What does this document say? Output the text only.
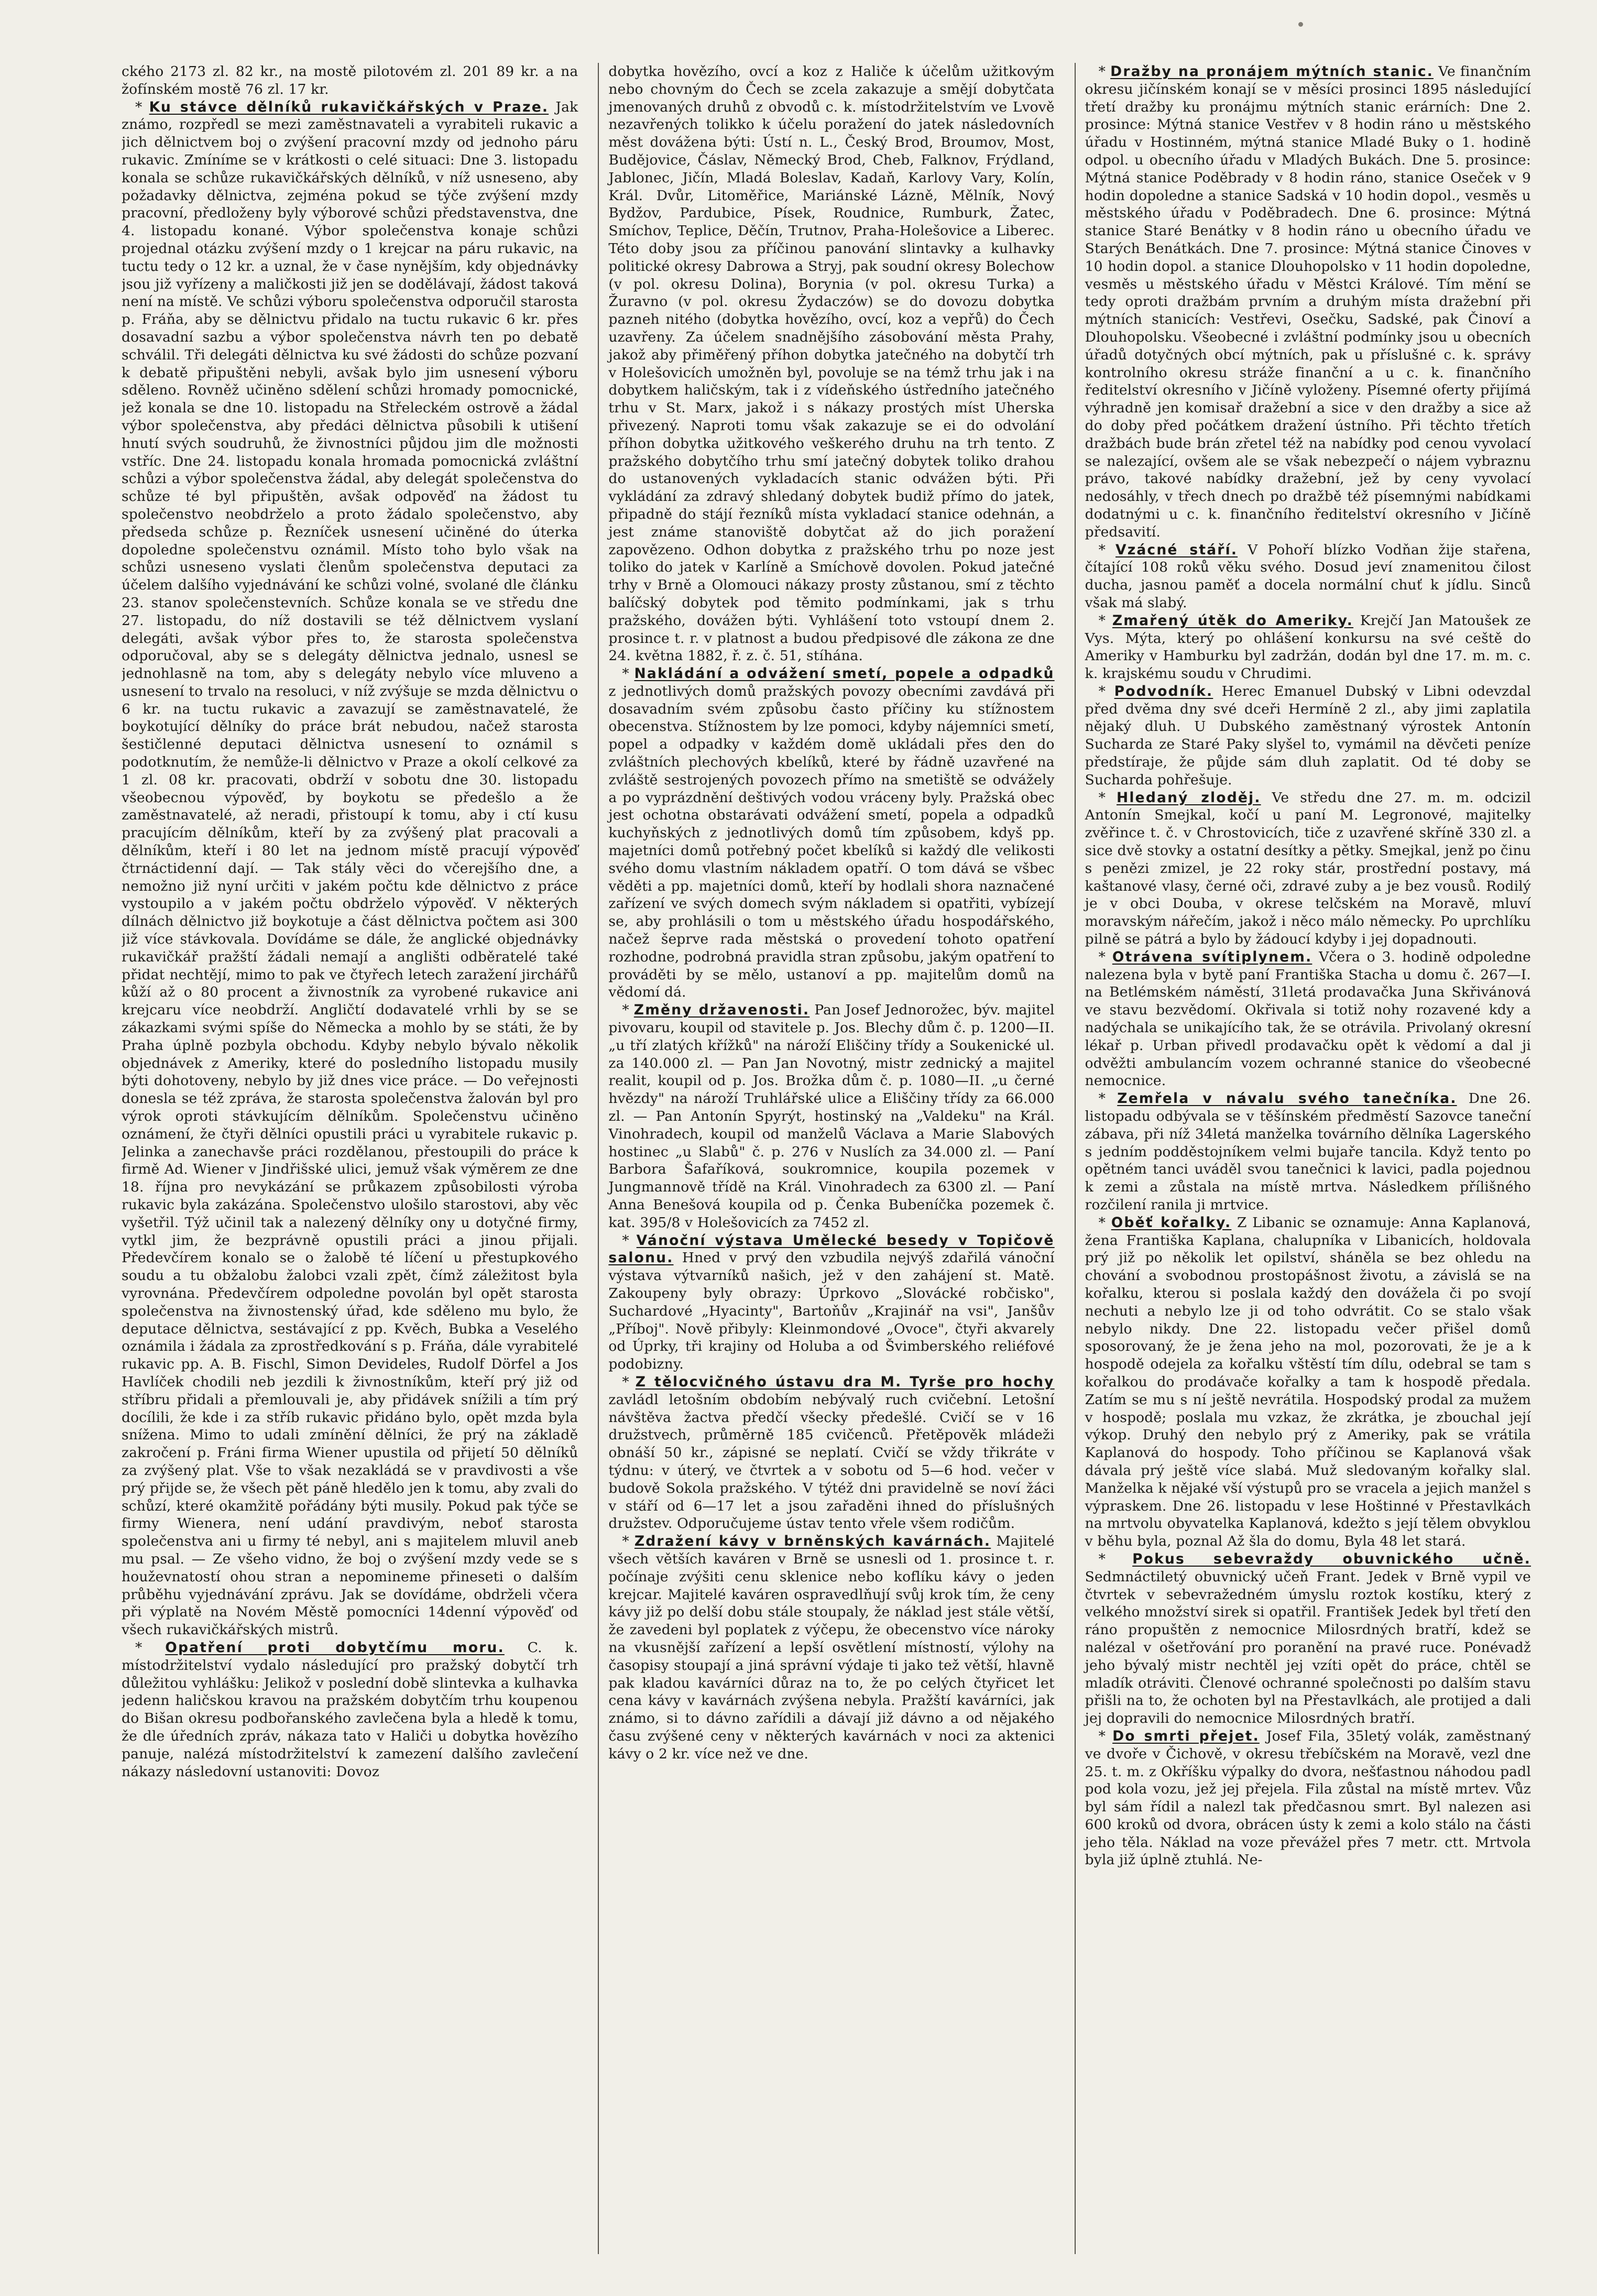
ckého 2173 zl. 82 kr., na mostě pilotovém zl. 201 89 kr. a na žofínském mostě 76 zl. 17 kr.

* Ku stávce dělníků rukavičkářských v Praze. Jak známo, rozpředl se mezi zaměstnavateli a vyrabiteli rukavic a jich dělnictvem boj o zvýšení pracovní mzdy od jednoho páru rukavic. Zmíníme se v krátkosti o celé situaci: Dne 3. listopadu konala se schůze rukavičkářských dělníků, v níž usneseno, aby požadavky dělnictva, zejména pokud se týče zvýšení mzdy pracovní, předloženy byly výborové schůzi představenstva, dne 4. listopadu konané. Výbor společenstva konaje schůzi projednal otázku zvýšení mzdy o 1 krejcar na páru rukavic, na tuctu tedy o 12 kr. a uznal, že v čase nynějším, kdy objednávky jsou již vyřízeny a maličkosti již jen se dodělávají, žádost taková není na místě. Ve schůzi výboru společenstva odporučil starosta p. Fráňa, aby se dělnictvu přidalo na tuctu rukavic 6 kr. přes dosavadní sazbu a výbor společenstva návrh ten po debatě schválil. Tři delegáti dělnictva ku své žádosti do schůze pozvaní k debatě připuštěni nebyli, avšak bylo jim usnesení výboru sděleno. Rovněž učiněno sdělení schůzi hromady pomocnické, jež konala se dne 10. listopadu na Střeleckém ostrově a žádal výbor společenstva, aby předáci dělnictva působili k utišení hnutí svých soudruhů, že živnostníci půjdou jim dle možnosti vstříc. Dne 24. listopadu konala hromada pomocnická zvláštní schůzi a výbor společenstva žádal, aby delegát společenstva do schůze té byl připuštěn, avšak odpověď na žádost tu společenstvo neobdrželo a proto žádalo společenstvo, aby předseda schůze p. Řezníček usnesení učiněné do úterka dopoledne společenstvu oznámil. Místo toho bylo však na schůzi usneseno vyslati členům společenstva deputaci za účelem dalšího vyjednávání ke schůzi volné, svolané dle článku 23. stanov společenstevních. Schůze konala se ve středu dne 27. listopadu, do níž dostavili se též dělnictvem vyslaní delegáti, avšak výbor přes to, že starosta společenstva odporučoval, aby se s delegáty dělnictva jednalo, usnesl se jednohlasně na tom, aby s delegáty nebylo více mluveno a usnesení to trvalo na resoluci, v níž zvýšuje se mzda dělnictvu o 6 kr. na tuctu rukavic a zavazují se zaměstnavatelé, že boykotující dělníky do práce brát nebudou, načež starosta šestičlenné deputaci dělnictva usnesení to oznámil s podotknutím, že nemůže-li dělnictvo v Praze a okolí celkové za 1 zl. 08 kr. pracovati, obdrží v sobotu dne 30. listopadu všeobecnou výpověď, by boykotu se předešlo a že zaměstnavatelé, až neradi, přistoupí k tomu, aby i ctí kusu pracujícím dělníkům, kteří by za zvýšený plat pracovali a dělníkům, kteří i 80 let na jednom místě pracují výpověď čtrnáctidenní dají. — Tak stály věci do včerejšího dne, a nemožno již nyní určiti v jakém počtu kde dělnictvo z práce vystoupilo a v jakém počtu obdrželo výpověď. V některých dílnách dělnictvo již boykotuje a část dělnictva počtem asi 300 již více stávkovala. Dovídáme se dále, že anglické objednávky rukavičkář pražští žádali nemají a anglišti odběratelé také přidat nechtějí, mimo to pak ve čtyřech letech zaražení jirchářů kůží až o 80 procent a živnostník za vyrobené rukavice ani krejcaru více neobdrží. Angličtí dodavatelé vrhli by se se zákazkami svými spíše do Německa a mohlo by se státi, že by Praha úplně pozbyla obchodu. Kdyby nebylo bývalo několik objednávek z Ameriky, které do posledního listopadu musily býti dohotoveny, nebylo by již dnes vice práce. — Do veřejnosti donesla se též zpráva, že starosta společenstva žalován byl pro výrok oproti stávkujícím dělníkům. Společenstvu učiněno oznámení, že čtyři dělníci opustili práci u vyrabitele rukavic p. Jelinka a zanechavše práci rozdělanou, přestoupili do práce k firmě Ad. Wiener v Jindřišské ulici, jemuž však výměrem ze dne 18. října pro nevykázání se průkazem způsobilosti výroba rukavic byla zakázána. Společenstvo ulošilo starostovi, aby věc vyšetřil. Týž učinil tak a nalezený dělníky ony u dotyčné firmy, vytkl jim, že bezprávně opustili práci a jinou přijali. Předevčírem konalo se o žalobě té líčení u přestupkového soudu a tu obžalobu žalobci vzali zpět, čímž záležitost byla vyrovnána. Předevčírem odpoledne povolán byl opět starosta společenstva na živnostenský úřad, kde sděleno mu bylo, že deputace dělnictva, sestávající z pp. Kvěch, Bubka a Veselého oznámila i žádala za zprostředkování s p. Fráňa, dále vyrabitelé rukavic pp. A. B. Fischl, Simon Devideles, Rudolf Dörfel a Jos Havlíček chodili neb jezdili k živnostníkům, kteří prý již od stříbru přidali a přemlouvali je, aby přidávek snížili a tím prý docílili, že kde i za stříb rukavic přidáno bylo, opět mzda byla snížena. Mimo to udali zmínění dělníci, že prý na základě zakročení p. Fráni firma Wiener upustila od přijetí 50 dělníků za zvýšený plat. Vše to však nezakládá se v pravdivosti a vše prý přijde se, že všech pět páně hledělo jen k tomu, aby zvali do schůzí, které okamžitě pořádány býti musily. Pokud pak týče se firmy Wienera, není udání pravdivým, neboť starosta společenstva ani u firmy té nebyl, ani s majitelem mluvil aneb mu psal. — Ze všeho vidno, že boj o zvýšení mzdy vede se s houževnatostí ohou stran a nepomineme přineseti o dalším průběhu vyjednávání zprávu. Jak se dovídáme, obdrželi včera při výplatě na Novém Městě pomocníci 14denní výpověď od všech rukavičkářských mistrů.

* Opatření proti dobytčímu moru. C. k. místodržitelství vydalo následující pro pražský dobytčí trh důležitou vyhlášku: Jelikož v poslední době slintevka a kulhavka jedenn haličskou kravou na pražském dobytčím trhu koupenou do Bišan okresu podbořanského zavlečena byla a hledě k tomu, že dle úředních zpráv, nákaza tato v Haliči u dobytka hovězího panuje, nalézá místodržitelství k zamezení dalšího zavlečení nákazy následovní ustanoviti: Dovoz

dobytka hovězího, ovcí a koz z Haliče k účelům užitkovým nebo chovným do Čech se zcela zakazuje a smějí dobytčata jmenovaných druhů z obvodů c. k. místodržitelstvím ve Lvově nezavřených tolikko k účelu poražení do jatek následovních měst dovážena býti: Ústí n. L., Český Brod, Broumov, Most, Budějovice, Čáslav, Německý Brod, Cheb, Falknov, Frýdland, Jablonec, Jičín, Mladá Boleslav, Kadaň, Karlovy Vary, Kolín, Král. Dvůr, Litoměřice, Mariánské Lázně, Mělník, Nový Bydžov, Pardubice, Písek, Roudnice, Rumburk, Žatec, Smíchov, Teplice, Děčín, Trutnov, Praha-Holešovice a Liberec. Této doby jsou za příčinou panování slintavky a kulhavky politické okresy Dabrowa a Stryj, pak soudní okresy Bolechow (v pol. okresu Dolina), Borynia (v pol. okresu Turka) a Žuravno (v pol. okresu Żydaczów) se do dovozu dobytka pazneh nitého (dobytka hovězího, ovcí, koz a vepřů) do Čech uzavřeny. Za účelem snadnějšího zásobování města Prahy, jakož aby přiměřený příhon dobytka jatečného na dobytčí trh v Holešovicích umožněn byl, povoluje se na témž trhu jak i na dobytkem haličským, tak i z vídeňského ústředního jatečného trhu v St. Marx, jakož i s nákazy prostých míst Uherska přivezený. Naproti tomu však zakazuje se ei do odvolání příhon dobytka užitkového veškerého druhu na trh tento. Z pražského dobytčího trhu smí jatečný dobytek toliko drahou do ustanovených vykladacích stanic odvážen býti. Při vykládání za zdravý shledaný dobytek budiž přímo do jatek, připadně do stájí řezníků místa vykladací stanice odehnán, a jest známe stanoviště dobytčat až do jich poražení zapovězeno. Odhon dobytka z pražského trhu po noze jest toliko do jatek v Karlíně a Smíchově dovolen. Pokud jatečné trhy v Brně a Olomouci nákazy prosty zůstanou, smí z těchto balíčský dobytek pod těmito podmínkami, jak s trhu pražského, dovážen býti. Vyhlášení toto vstoupí dnem 2. prosince t. r. v platnost a budou předpisové dle zákona ze dne 24. května 1882, ř. z. č. 51, stíhána.

* Nakládání a odvážení smetí, popele a odpadků z jednotlivých domů pražských povozy obecními zavdává při dosavadním svém způsobu často příčiny ku stížnostem obecenstva. Stížnostem by lze pomoci, kdyby nájemníci smetí, popel a odpadky v každém domě ukládali přes den do zvláštních plechových kbelíků, které by řádně uzavřené na zvláště sestrojených povozech přímo na smetiště se odvážely a po vyprázdnění deštivých vodou vráceny byly. Pražská obec jest ochotna obstarávati odvážení smetí, popela a odpadků kuchyňských z jednotlivých domů tím způsobem, kdyš pp. majetníci domů potřebný počet kbelíků si každý dle velikosti svého domu vlastním nákladem opatří. O tom dává se všbec věděti a pp. majetníci domů, kteří by hodlali shora naznačené zařízení ve svých domech svým nákladem si opatřiti, vybízejí se, aby prohlásili o tom u městského úřadu hospodářského, načež šeprve rada městská o provedení tohoto opatření rozhodne, podrobná pravidla stran způsobu, jakým opatření to prováděti by se mělo, ustanoví a pp. majitelům domů na vědomí dá.

* Změny državenosti. Pan Josef Jednorožec, býv. majitel pivovaru, koupil od stavitele p. Jos. Blechy dům č. p. 1200—II. „u tří zlatých křížků" na nároží Eliščiny třídy a Soukenické ul. za 140.000 zl. — Pan Jan Novotný, mistr zednický a majitel realit, koupil od p. Jos. Brožka dům č. p. 1080—II. „u černé hvězdy" na nároží Truhlářské ulice a Eliščiny třídy za 66.000 zl. — Pan Antonín Spyrýt, hostinský na „Valdeku" na Král. Vinohradech, koupil od manželů Václava a Marie Slabových hostinec „u Slabů" č. p. 276 v Nuslích za 34.000 zl. — Paní Barbora Šafaříková, soukromnice, koupila pozemek v Jungmannově třídě na Král. Vinohradech za 6300 zl. — Paní Anna Benešová koupila od p. Čenka Bubeníčka pozemek č. kat. 395/8 v Holešovicích za 7452 zl.

* Vánoční výstava Umělecké besedy v Topičově salonu. Hned v prvý den vzbudila nejvýš zdařilá vánoční výstava výtvarníků našich, jež v den zahájení st. Matě. Zakoupeny byly obrazy: Úprkovo „Slovácké robčisko", Suchardové „Hyacinty", Bartoňův „Krajinář na vsi", Janšův „Příboj". Nově přibyly: Kleinmondové „Ovoce", čtyři akvarely od Úprky, tři krajiny od Holuba a od Švimberského reliéfové podobizny.

* Z tělocvičného ústavu dra M. Tyrše pro hochy zavládl letošním obdobím nebývalý ruch cvičební. Letošní návštěva žactva předčí všecky předešlé. Cvičí se v 16 družstvech, průměrně 185 cvičenců. Přetěpověk mládeži obnáší 50 kr., zápisné se neplatí. Cvičí se vždy třikráte v týdnu: v úterý, ve čtvrtek a v sobotu od 5—6 hod. večer v budově Sokola pražského. V týtéž dni pravidelně se noví žáci v stáří od 6—17 let a jsou zařaděni ihned do příslušných družstev. Odporučujeme ústav tento vřele všem rodičům.

* Zdražení kávy v brněnských kavárnách. Majitelé všech větších kaváren v Brně se usnesli od 1. prosince t. r. počínaje zvýšiti cenu sklenice nebo koflíku kávy o jeden krejcar. Majitelé kaváren ospravedlňují svůj krok tím, že ceny kávy již po delší dobu stále stoupaly, že náklad jest stále větší, že zavedeni byl poplatek z výčepu, že obecenstvo více nároky na vkusnější zařízení a lepší osvětlení místností, výlohy na časopisy stoupají a jiná správní výdaje ti jako tež větší, hlavně pak kladou kavárníci důraz na to, že po celých čtyřicet let cena kávy v kavárnách zvýšena nebyla. Pražští kavárníci, jak známo, si to dávno zařídili a dávají již dávno a od nějakého času zvýšené ceny v některých kavárnách v noci za aktenici kávy o 2 kr. více než ve dne.

* Dražby na pronájem mýtních stanic. Ve finančním okresu jičínském konají se v měsíci prosinci 1895 následující třetí dražby ku pronájmu mýtních stanic erárních: Dne 2. prosince: Mýtná stanice Vestřev v 8 hodin ráno u městského úřadu v Hostinném, mýtná stanice Mladé Buky o 1. hodině odpol. u obecního úřadu v Mladých Bukách. Dne 5. prosince: Mýtná stanice Poděbrady v 8 hodin ráno, stanice Oseček v 9 hodin dopoledne a stanice Sadská v 10 hodin dopol., vesměs u městského úřadu v Poděbradech. Dne 6. prosince: Mýtná stanice Staré Benátky v 8 hodin ráno u obecního úřadu ve Starých Benátkách. Dne 7. prosince: Mýtná stanice Činoves v 10 hodin dopol. a stanice Dlouhopolsko v 11 hodin dopoledne, vesměs u městského úřadu v Městci Králové. Tím mění se tedy oproti dražbám prvním a druhým místa dražební při mýtních stanicích: Vestřevi, Osečku, Sadské, pak Činoví a Dlouhopolsku. Všeobecné i zvláštní podmínky jsou u obecních úřadů dotyčných obcí mýtních, pak u příslušné c. k. správy kontrolního okresu stráže finanční a u c. k. finančního ředitelství okresního v Jičíně vyloženy. Písemné oferty přijímá výhradně jen komisař dražební a sice v den dražby a sice až do doby před počátkem dražení ústního. Při těchto třetích dražbách bude brán zřetel též na nabídky pod cenou vyvolací se nalezající, ovšem ale se však nebezpečí o nájem vybraznu právo, takové nabídky dražební, jež by ceny vyvolací nedosáhly, v třech dnech po dražbě též písemnými nabídkami dodatnými u c. k. finančního ředitelství okresního v Jičíně předsavití.

* Vzácné stáří. V Pohoří blízko Vodňan žije stařena, čítající 108 roků věku svého. Dosud jeví znamenitou čilost ducha, jasnou paměť a docela normální chuť k jídlu. Sinců však má slabý.

* Zmařený útěk do Ameriky. Krejčí Jan Matoušek ze Vys. Mýta, který po ohlášení konkursu na své ceště do Ameriky v Hamburku byl zadržán, dodán byl dne 17. m. m. c. k. krajskému soudu v Chrudimi.

* Podvodník. Herec Emanuel Dubský v Libni odevzdal před dvěma dny své dceři Hermíně 2 zl., aby jimi zaplatila nějaký dluh. U Dubského zaměstnaný výrostek Antonín Sucharda ze Staré Paky slyšel to, vymámil na děvčeti peníze předstíraje, že půjde sám dluh zaplatit. Od té doby se Sucharda pohřešuje.

* Hledaný zloděj. Ve středu dne 27. m. m. odcizil Antonín Smejkal, kočí u paní M. Legronové, majitelky zvěřince t. č. v Chrostovicích, tiče z uzavřené skříně 330 zl. a sice dvě stovky a ostatní desítky a pětky. Smejkal, jenž po činu s penězi zmizel, je 22 roky stár, prostřední postavy, má kaštanové vlasy, černé oči, zdravé zuby a je bez vousů. Rodilý je v obci Douba, v okrese telčském na Moravě, mluví moravským nářečím, jakož i něco málo německy. Po uprchlíku pilně se pátrá a bylo by žádoucí kdyby i jej dopadnouti.

* Otrávena svítiplynem. Včera o 3. hodině odpoledne nalezena byla v bytě paní Františka Stacha u domu č. 267—I. na Betlémském náměstí, 31letá prodavačka Juna Skřivánová ve stavu bezvědomí. Okřivala si totiž nohy rozavené kdy a nadýchala se unikajícího tak, že se otrávila. Privolaný okresní lékař p. Urban přivedl prodavačku opět k vědomí a dal ji odvěžti ambulancím vozem ochranné stanice do všeobecné nemocnice.

* Zemřela v návalu svého tanečníka. Dne 26. listopadu odbývala se v těšínském předměstí Sazovce taneční zábava, při níž 34letá manželka továrního dělníka Lagerského s jedním podděstojníkem velmi bujaře tancila. Když tento po opětném tanci uváděl svou tanečnici k lavici, padla pojednou k zemi a zůstala na místě mrtva. Následkem přílišného rozčilení ranila ji mrtvice.

* Oběť kořalky. Z Libanic se oznamuje: Anna Kaplanová, žena Františka Kaplana, chalupníka v Libanicích, holdovala prý již po několik let opilství, sháněla se bez ohledu na chování a svobodnou prostopášnost životu, a závislá se na kořalku, kterou si poslala každý den dovážela či po svojí nechuti a nebylo lze ji od toho odvrátit. Co se stalo však nebylo nikdy. Dne 22. listopadu večer přišel domů sposorovaný, že je žena jeho na mol, pozorovati, že je a k hospodě odejela za kořalku vštěstí tím dílu, odebral se tam s kořalkou do prodávače kořalky a tam k hospodě předala. Zatím se mu s ní ještě nevrátila. Hospodský prodal za mužem v hospodě; poslala mu vzkaz, že zkrátka, je zbouchal její výkop. Druhý den nebylo prý z Ameriky, pak se vrátila Kaplanová do hospody. Toho příčinou se Kaplanová však dávala prý ještě více slabá. Muž sledovaným kořalky slal. Manželka k nějaké vší výstupů pro se vracela a jejich manžel s výpraskem. Dne 26. listopadu v lese Hoštinné v Přestavlkách na mrtvolu obyvatelka Kaplanová, kdežto s její tělem obvyklou v běhu byla, poznal Až šla do domu, Byla 48 let stará.

* Pokus sebevraždy obuvnického učně. Sedmnáctiletý obuvnický učeň Frant. Jedek v Brně vypil ve čtvrtek v sebevražedném úmyslu roztok kostíku, který z velkého množství sirek si opatřil. František Jedek byl třetí den ráno propuštěn z nemocnice Milosrdných bratří, kdež se nalézal v ošetřování pro poranění na pravé ruce. Ponévadž jeho bývalý mistr nechtěl jej vzíti opět do práce, chtěl se mladík otráviti. Členové ochranné společnosti po dalším stavu přišli na to, že ochoten byl na Přestavlkách, ale protijed a dali jej dopravili do nemocnice Milosrdných bratří.

* Do smrti přejet. Josef Fila, 35letý volák, zaměstnaný ve dvoře v Čichově, v okresu třebíčském na Moravě, vezl dne 25. t. m. z Okříšku výpalky do dvora, nešťastnou náhodou padl pod kola vozu, jež jej přejela. Fila zůstal na místě mrtev. Vůz byl sám řídil a nalezl tak předčasnou smrt. Byl nalezen asi 600 kroků od dvora, obrácen ústy k zemi a kolo stálo na části jeho těla. Náklad na voze převážel přes 7 metr. ctt. Mrtvola byla již úplně ztuhlá. Ne-
